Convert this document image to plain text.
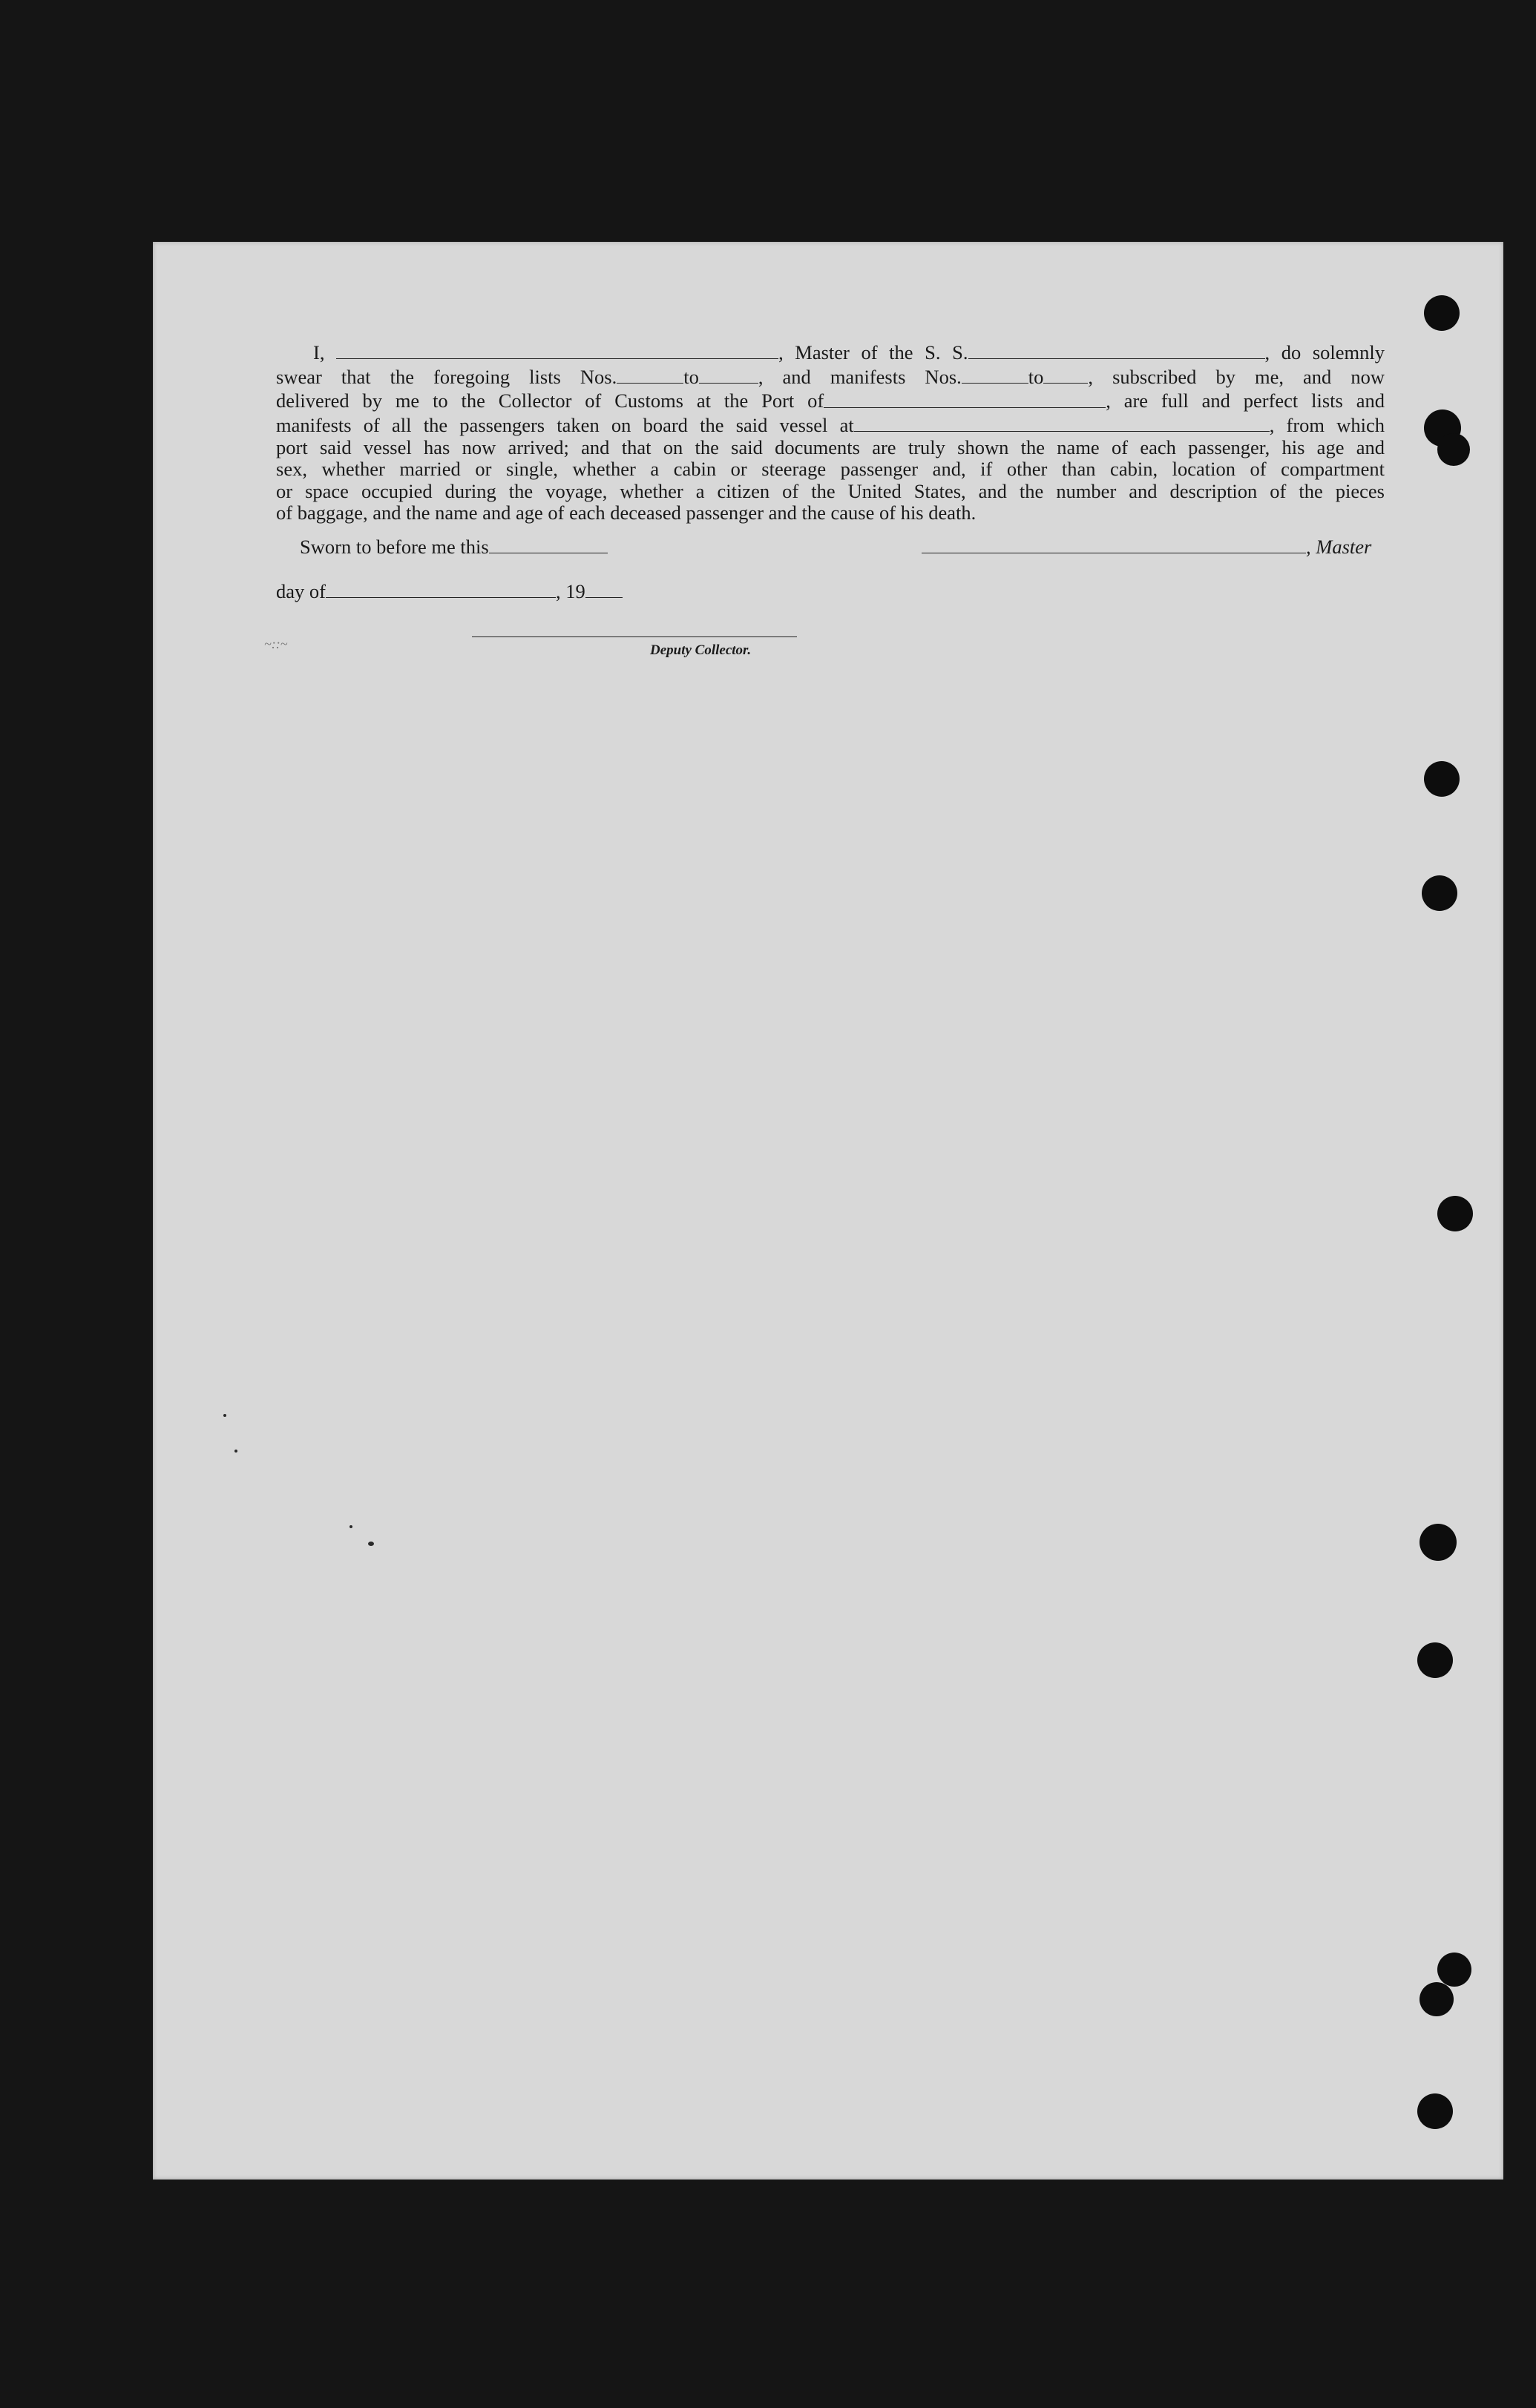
I,	, Master of the S. S.	, do solemnly

swear that the foregoing lists Nos.	to	, and manifests Nos.	to , subscribed by me, and now

delivered by me to the Collector of Customs at the Port of	, are full and perfect lists and

manifests of all the passengers taken on board the said vessel at	, from which

port said vessel has now arrived; and that on the said documents are truly shown the name of each passenger, his age and

sex, whether married or single, whether a cabin or steerage passenger and, if other than cabin, location of compartment

or space occupied during the voyage, whether a citizen of the United States, and the number and description of the pieces

of baggage, and the name and age of each deceased passenger and the cause of his death.

Sworn to before me this	, Master
day of	, 19
~::~	Deputy Collector.
